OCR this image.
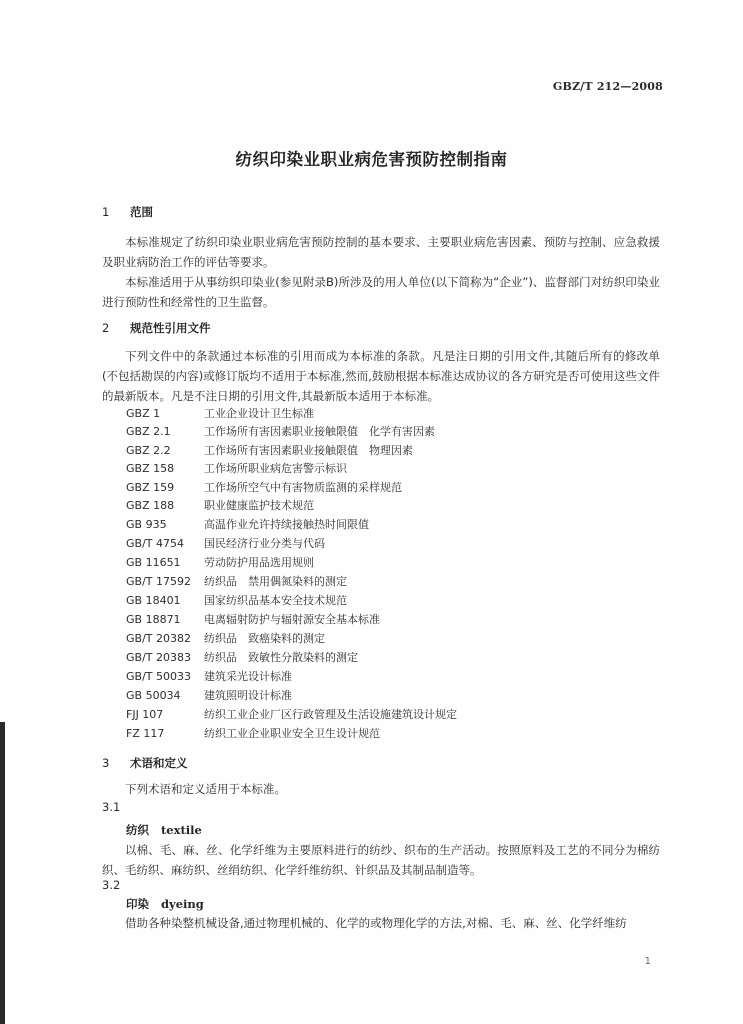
GBZ/T 212—2008
纺织印染业职业病危害预防控制指南
1 范围
本标准规定了纺织印染业职业病危害预防控制的基本要求、主要职业病危害因素、预防与控制、应急救援及职业病防治工作的评估等要求。
本标准适用于从事纺织印染业(参见附录B)所涉及的用人单位(以下简称为“企业”)、监督部门对纺织印染业进行预防性和经常性的卫生监督。
2 规范性引用文件
下列文件中的条款通过本标准的引用而成为本标准的条款。凡是注日期的引用文件,其随后所有的修改单(不包括勘误的内容)或修订版均不适用于本标准,然而,鼓励根据本标准达成协议的各方研究是否可使用这些文件的最新版本。凡是不注日期的引用文件,其最新版本适用于本标准。
GBZ 1	工业企业设计卫生标准
GBZ 2.1	工作场所有害因素职业接触限值　化学有害因素
GBZ 2.2	工作场所有害因素职业接触限值　物理因素
GBZ 158	工作场所职业病危害警示标识
GBZ 159	工作场所空气中有害物质监测的采样规范
GBZ 188	职业健康监护技术规范
GB 935	高温作业允许持续接触热时间限值
GB/T 4754 国民经济行业分类与代码
GB 11651 劳动防护用品选用规则
GB/T 17592 纺织品　禁用偶氮染料的测定
GB 18401 国家纺织品基本安全技术规范
GB 18871 电离辐射防护与辐射源安全基本标准
GB/T 20382 纺织品　致癌染料的测定
GB/T 20383 纺织品　致敏性分散染料的测定
GB/T 50033 建筑采光设计标准
GB 50034 建筑照明设计标准
FJJ 107	纺织工业企业厂区行政管理及生活设施建筑设计规定
FZ 117	纺织工业企业职业安全卫生设计规范
3 术语和定义
下列术语和定义适用于本标准。
3.1
纺织 textile
以棉、毛、麻、丝、化学纤维为主要原料进行的纺纱、织布的生产活动。按照原料及工艺的不同分为棉纺织、毛纺织、麻纺织、丝绢纺织、化学纤维纺织、针织品及其制品制造等。
3.2
印染 dyeing
借助各种染整机械设备,通过物理机械的、化学的或物理化学的方法,对棉、毛、麻、丝、化学纤维纺
1
